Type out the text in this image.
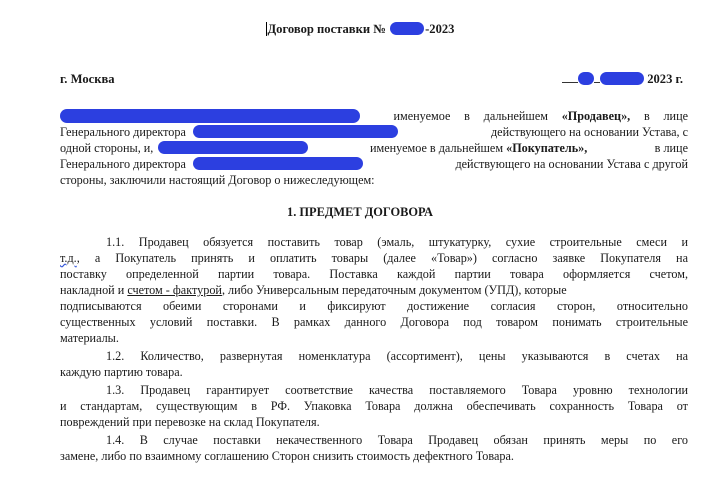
Договор поставки №	-2023
г. Москва	2023 г.
именуемое в дальнейшем «Продавец», в лице
Генерального директора	действующего на основании Устава, с
одной стороны, и,	именуемое в дальнейшем «Покупатель»,	в лице
Генерального директора	действующего на основании Устава с другой
стороны, заключили настоящий Договор о нижеследующем:
1. ПРЕДМЕТ ДОГОВОРА
1.1. Продавец обязуется поставить товар (эмаль, штукатурку, сухие строительные смеси и
т.д., а Покупатель принять и оплатить товары (далее «Товар») согласно заявке Покупателя на
поставку определенной партии товара. Поставка каждой партии товара оформляется счетом,
накладной и счетом - фактурой, либо Универсальным передаточным документом (УПД), которые
подписываются обеими сторонами и фиксируют достижение согласия сторон, относительно
существенных условий поставки. В рамках данного Договора под товаром понимать строительные
материалы.
1.2. Количество, развернутая номенклатура (ассортимент), цены указываются в счетах на
каждую партию товара.
1.3. Продавец гарантирует соответствие качества поставляемого Товара уровню технологии
и стандартам, существующим в РФ. Упаковка Товара должна обеспечивать сохранность Товара от
повреждений при перевозке на склад Покупателя.
1.4. В случае поставки некачественного Товара Продавец обязан принять меры по его
замене, либо по взаимному соглашению Сторон снизить стоимость дефектного Товара.
